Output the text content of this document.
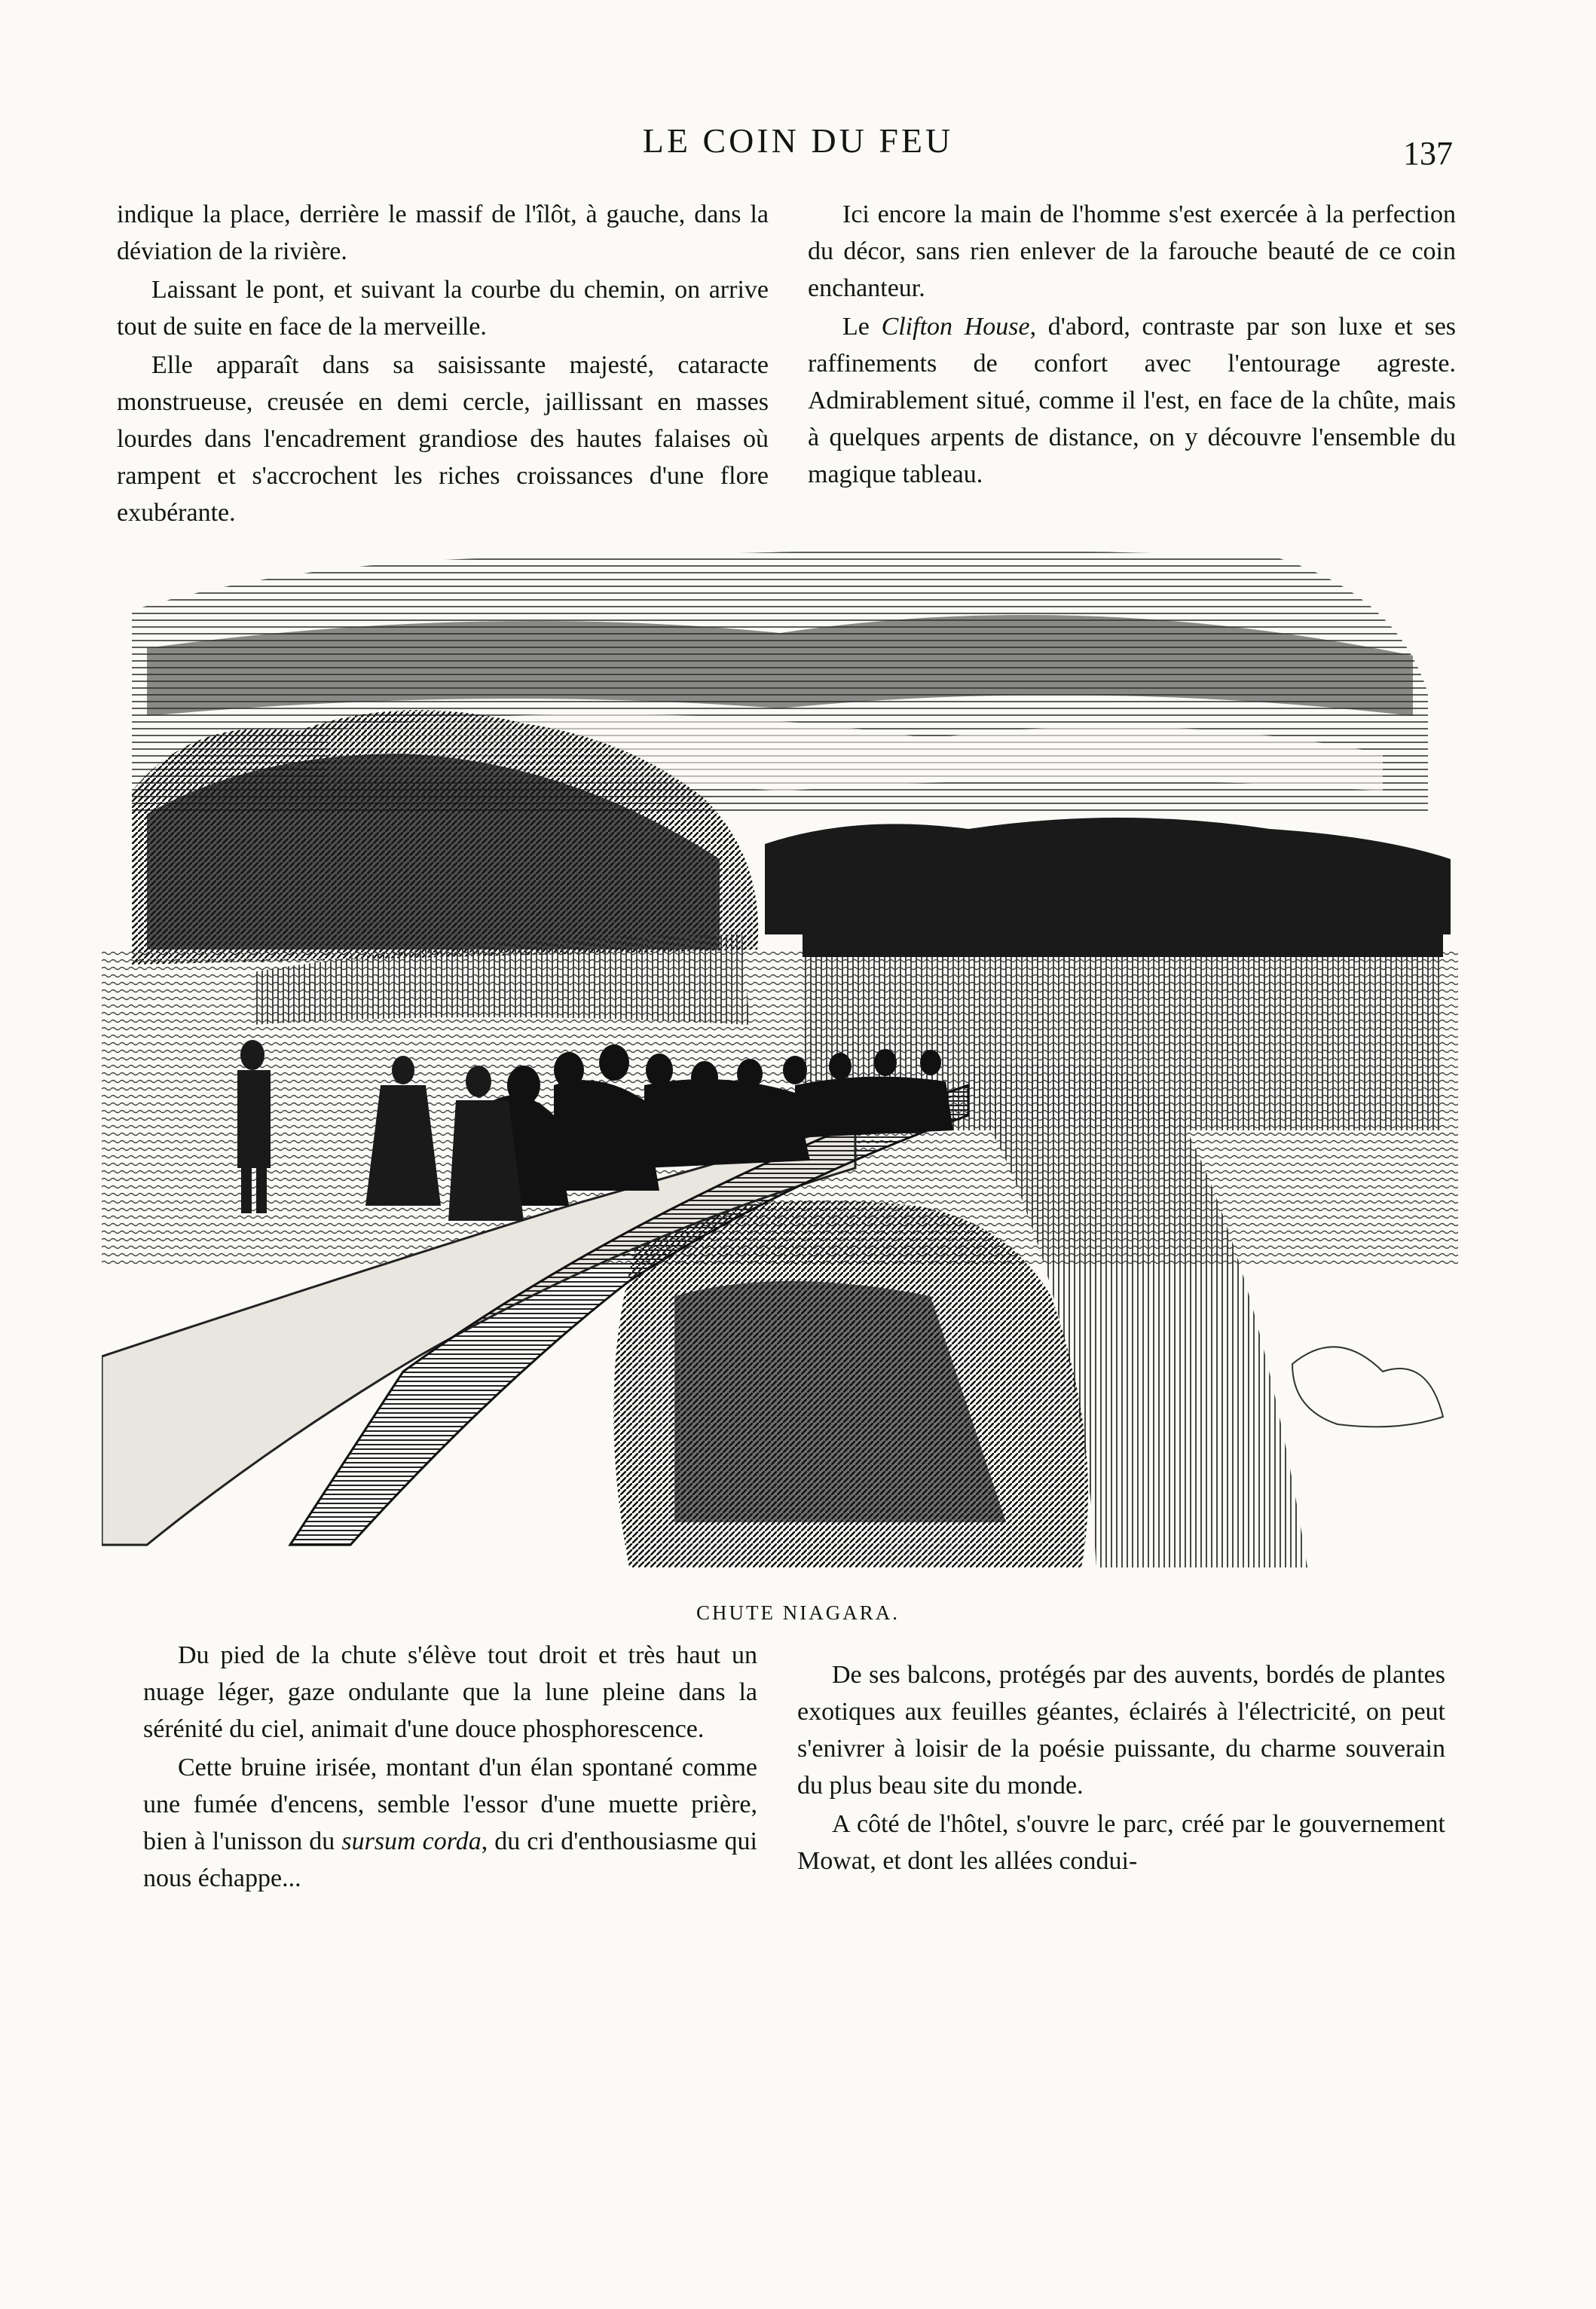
LE COIN DU FEU	137

indique la place, derrière le massif de l'îlôt, à gauche, dans la déviation de la rivière.

Laissant le pont, et suivant la courbe du chemin, on arrive tout de suite en face de la merveille.

Elle apparaît dans sa saisissante majesté, cataracte monstrueuse, creusée en demi cercle, jaillissant en masses lourdes dans l'encadrement grandiose des hautes falaises où rampent et s'accrochent les riches croissances d'une flore exubérante.

Ici encore la main de l'homme s'est exercée à la perfection du décor, sans rien enlever de la farouche beauté de ce coin enchanteur.

Le Clifton House, d'abord, contraste par son luxe et ses raffinements de confort avec l'entourage agreste. Admirablement situé, comme il l'est, en face de la chûte, mais à quelques arpents de distance, on y découvre l'ensemble du magique tableau.

CHUTE NIAGARA.

Du pied de la chute s'élève tout droit et très haut un nuage léger, gaze ondulante que la lune pleine dans la sérénité du ciel, animait d'une douce phosphorescence.

Cette bruine irisée, montant d'un élan spontané comme une fumée d'encens, semble l'essor d'une muette prière, bien à l'unisson du sursum corda, du cri d'enthousiasme qui nous échappe...

De ses balcons, protégés par des auvents, bordés de plantes exotiques aux feuilles géantes, éclairés à l'électricité, on peut s'enivrer à loisir de la poésie puissante, du charme souverain du plus beau site du monde.

A côté de l'hôtel, s'ouvre le parc, créé par le gouvernement Mowat, et dont les allées condui-
